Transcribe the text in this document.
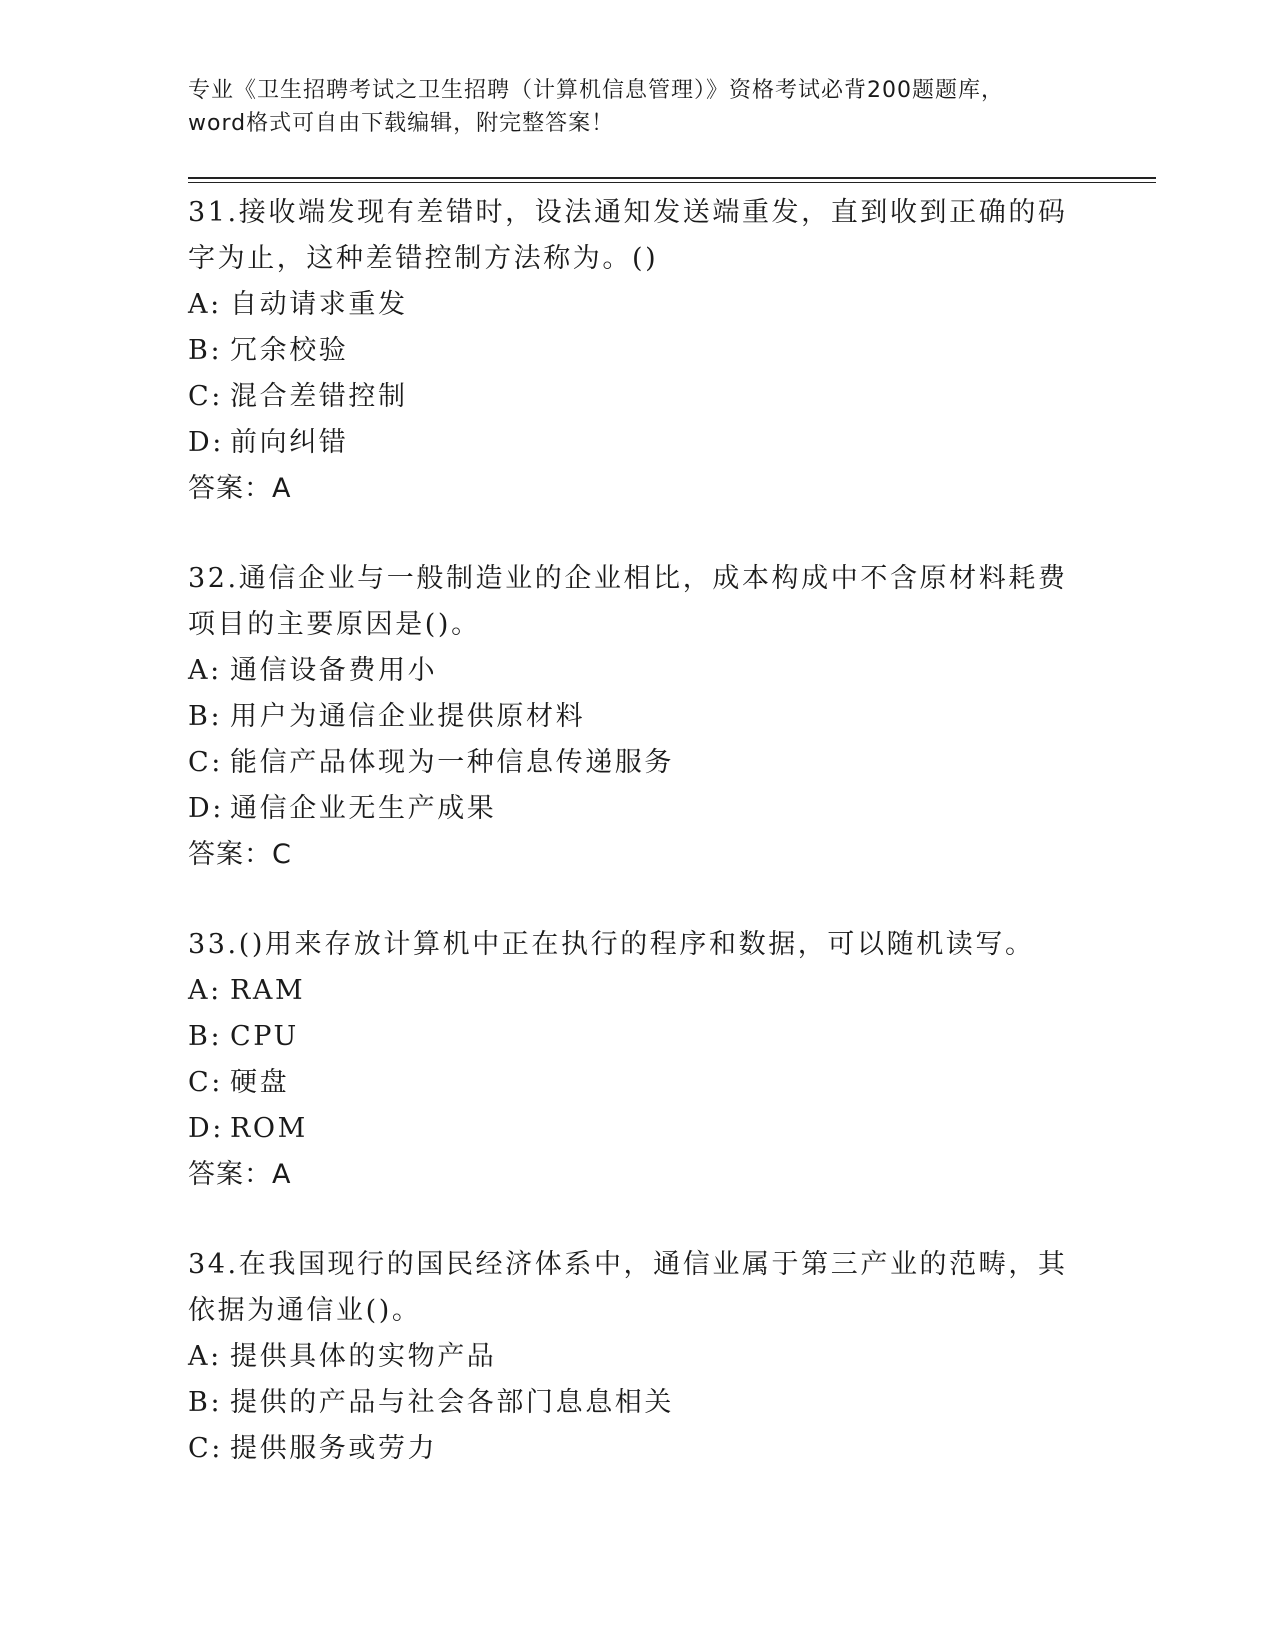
专业《卫生招聘考试之卫生招聘（计算机信息管理）》资格考试必背200题题库，
word格式可自由下载编辑，附完整答案！

31.接收端发现有差错时，设法通知发送端重发，直到收到正确的码字为止，这种差错控制方法称为。()

A: 自动请求重发

B: 冗余校验

C: 混合差错控制

D: 前向纠错

答案：A

32.通信企业与一般制造业的企业相比，成本构成中不含原材料耗费项目的主要原因是()。

A: 通信设备费用小

B: 用户为通信企业提供原材料

C: 能信产品体现为一种信息传递服务

D: 通信企业无生产成果

答案：C

33.()用来存放计算机中正在执行的程序和数据，可以随机读写。

A: RAM

B: CPU

C: 硬盘

D: ROM

答案：A

34.在我国现行的国民经济体系中，通信业属于第三产业的范畴，其依据为通信业()。

A: 提供具体的实物产品

B: 提供的产品与社会各部门息息相关

C: 提供服务或劳力
